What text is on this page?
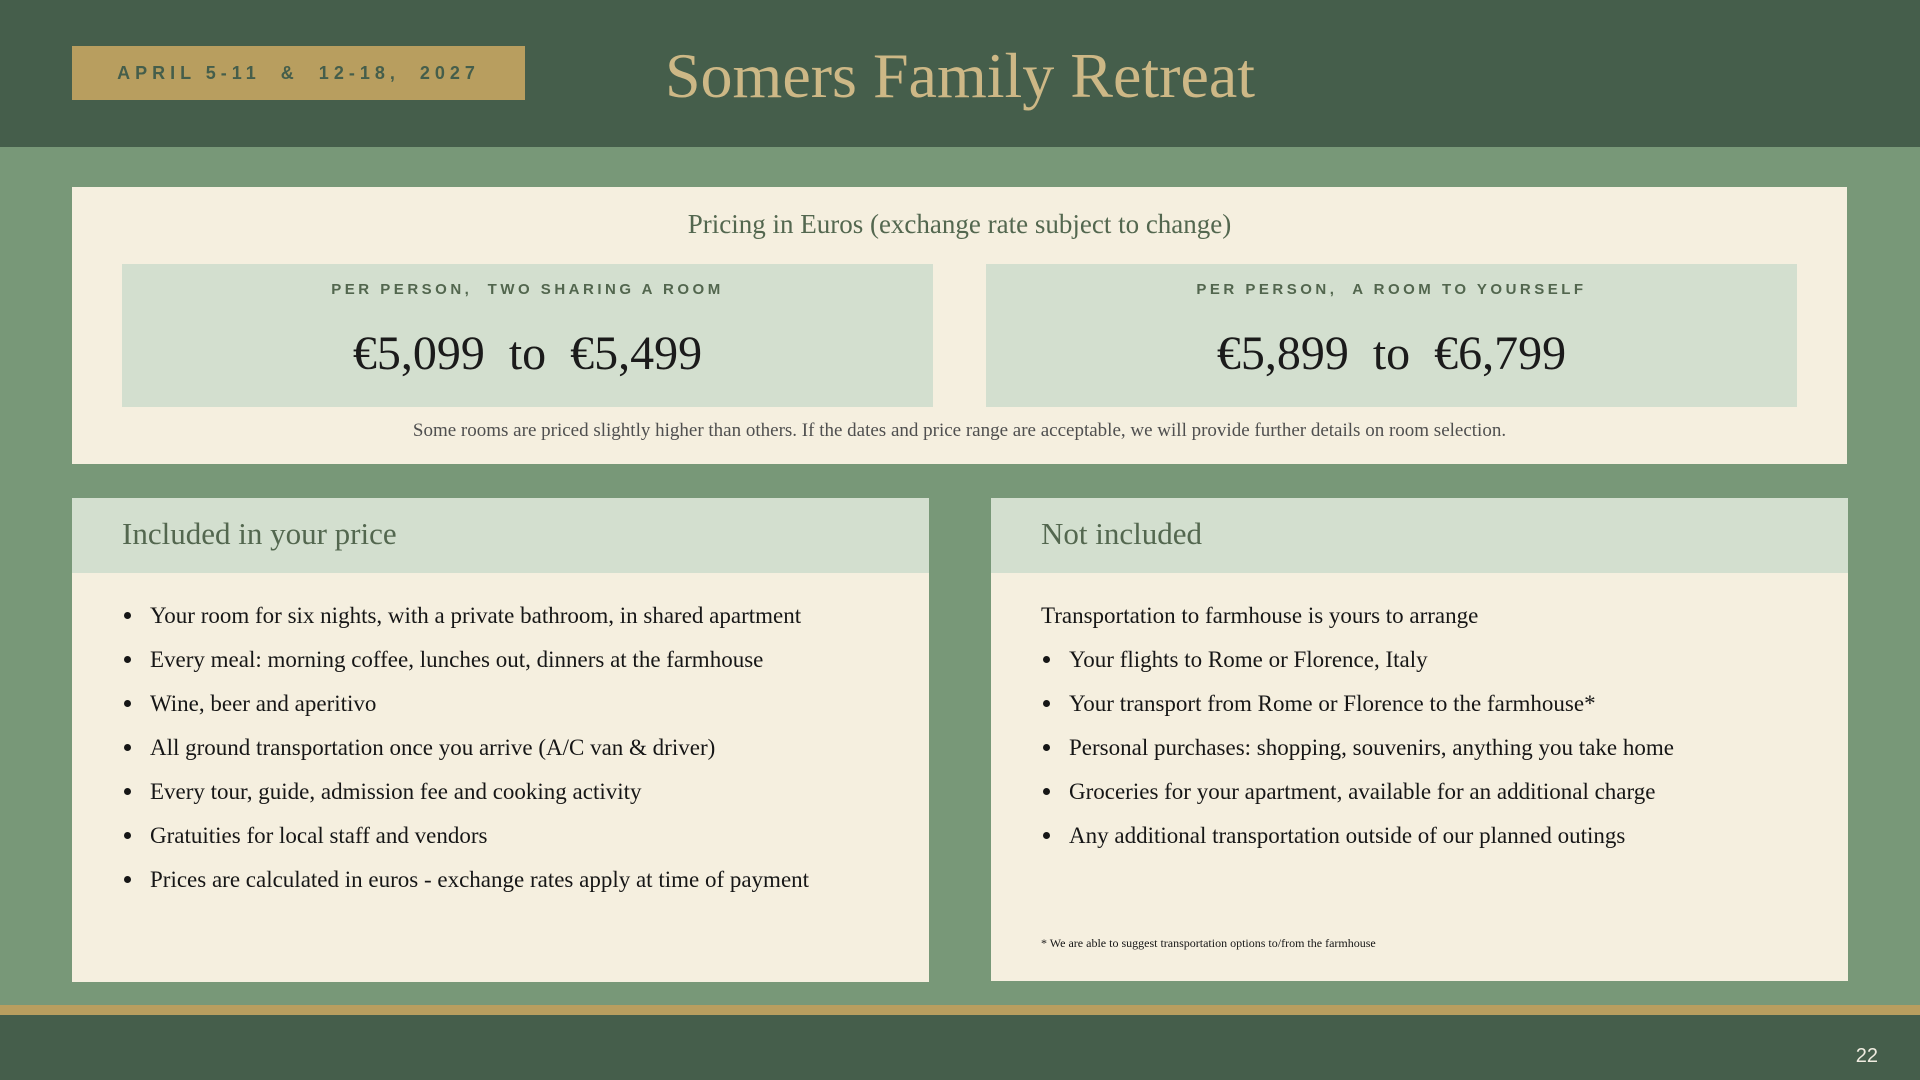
APRIL 5-11  &  12-18,  2027	Somers Family Retreat
Pricing in Euros (exchange rate subject to change)
PER PERSON,  TWO SHARING A ROOM
€5,099  to  €5,499
PER PERSON,  A ROOM TO YOURSELF
€5,899  to  €6,799
Some rooms are priced slightly higher than others. If the dates and price range are acceptable, we will provide further details on room selection.
Included in your price
Your room for six nights, with a private bathroom, in shared apartment
Every meal: morning coffee, lunches out, dinners at the farmhouse
Wine, beer and aperitivo
All ground transportation once you arrive (A/C van & driver)
Every tour, guide, admission fee and cooking activity
Gratuities for local staff and vendors
Prices are calculated in euros - exchange rates apply at time of payment
Not included
Transportation to farmhouse is yours to arrange
Your flights to Rome or Florence, Italy
Your transport from Rome or Florence to the farmhouse*
Personal purchases: shopping, souvenirs, anything you take home
Groceries for your apartment, available for an additional charge
Any additional transportation outside of our planned outings
* We are able to suggest transportation options to/from the farmhouse
22
